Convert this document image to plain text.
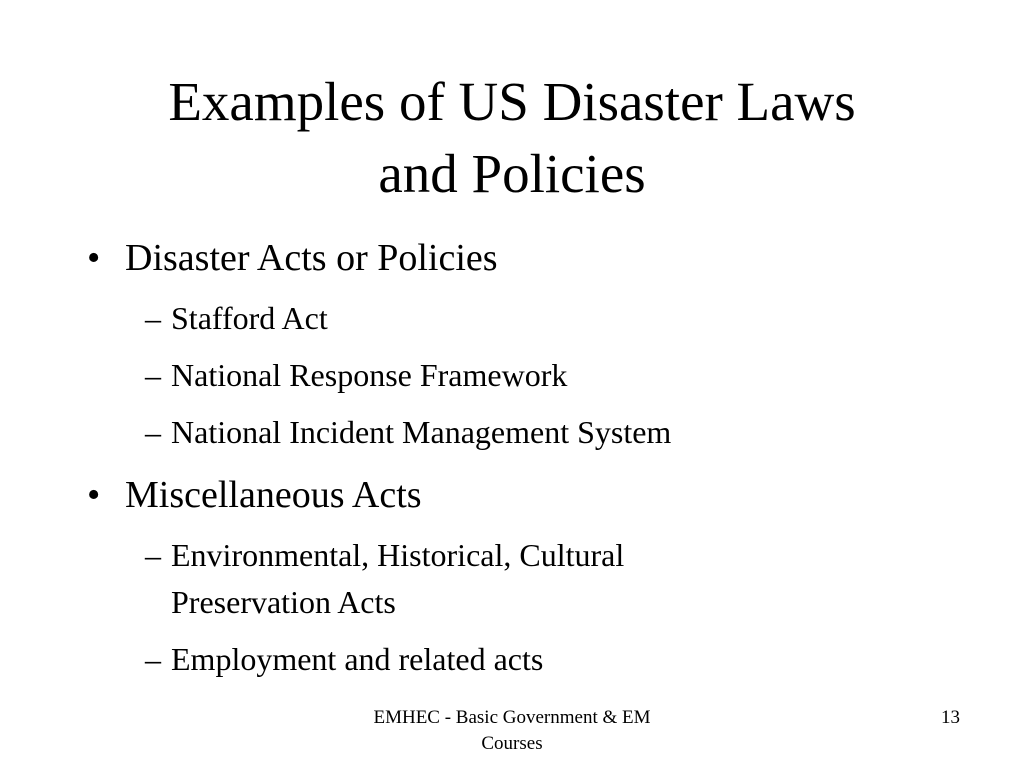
Examples of US Disaster Laws
and Policies
• Disaster Acts or Policies
– Stafford Act
– National Response Framework
– National Incident Management System
• Miscellaneous Acts
– Environmental, Historical, Cultural
Preservation Acts
– Employment and related acts
EMHEC - Basic Government & EM
Courses
13
